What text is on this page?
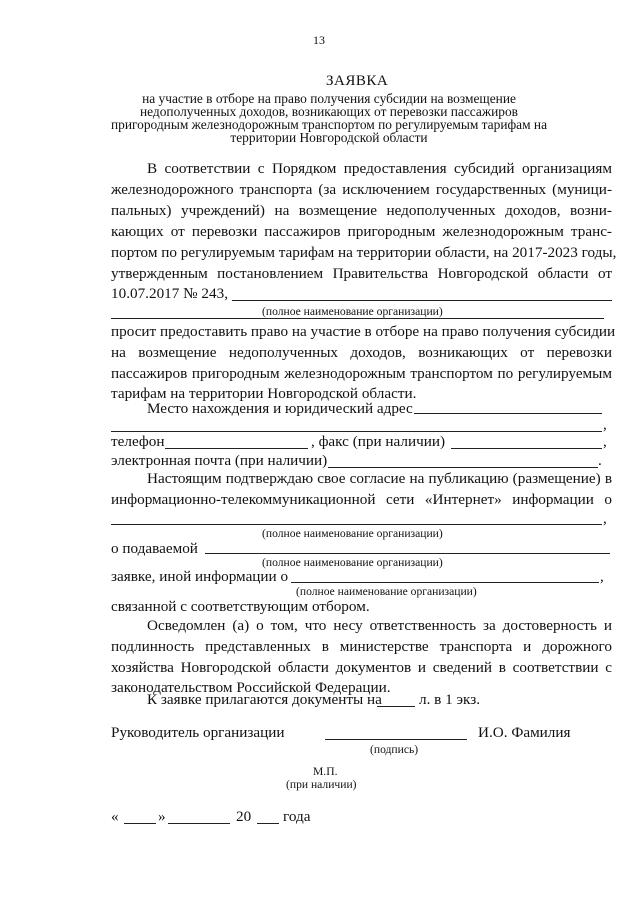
13
ЗАЯВКА
на участие в отборе на право получения субсидии на возмещение
недополученных доходов, возникающих от перевозки пассажиров
пригородным железнодорожным транспортом по регулируемым тарифам на
территории Новгородской области
В соответствии с Порядком предоставления субсидий организациям
железнодорожного транспорта (за исключением государственных (муници-
пальных) учреждений) на возмещение недополученных доходов, возни-
кающих от перевозки пассажиров пригородным железнодорожным транс-
портом по регулируемым тарифам на территории области, на 2017-2023 годы,
утвержденным постановлением Правительства Новгородской области от
10.07.2017 № 243,
(полное наименование организации)
просит предоставить право на участие в отборе на право получения субсидии
на возмещение недополученных доходов, возникающих от перевозки
пассажиров пригородным железнодорожным транспортом по регулируемым
тарифам на территории Новгородской области.
Место нахождения и юридический адрес
,
телефон	, факс (при наличии)	,
электронная почта (при наличии)	.
Настоящим подтверждаю свое согласие на публикацию (размещение) в
информационно-телекоммуникационной сети «Интернет» информации о
,
(полное наименование организации)
о подаваемой
(полное наименование организации)
заявке, иной информации о	,
(полное наименование организации)
связанной с соответствующим отбором.
Осведомлен (а) о том, что несу ответственность за достоверность и
подлинность представленных в министерстве транспорта и дорожного
хозяйства Новгородской области документов и сведений в соответствии с
законодательством Российской Федерации.
К заявке прилагаются документы на л. в 1 экз.
Руководитель организации	И.О. Фамилия
(подпись)
М.П.
(при наличии)
«	»	20 года
